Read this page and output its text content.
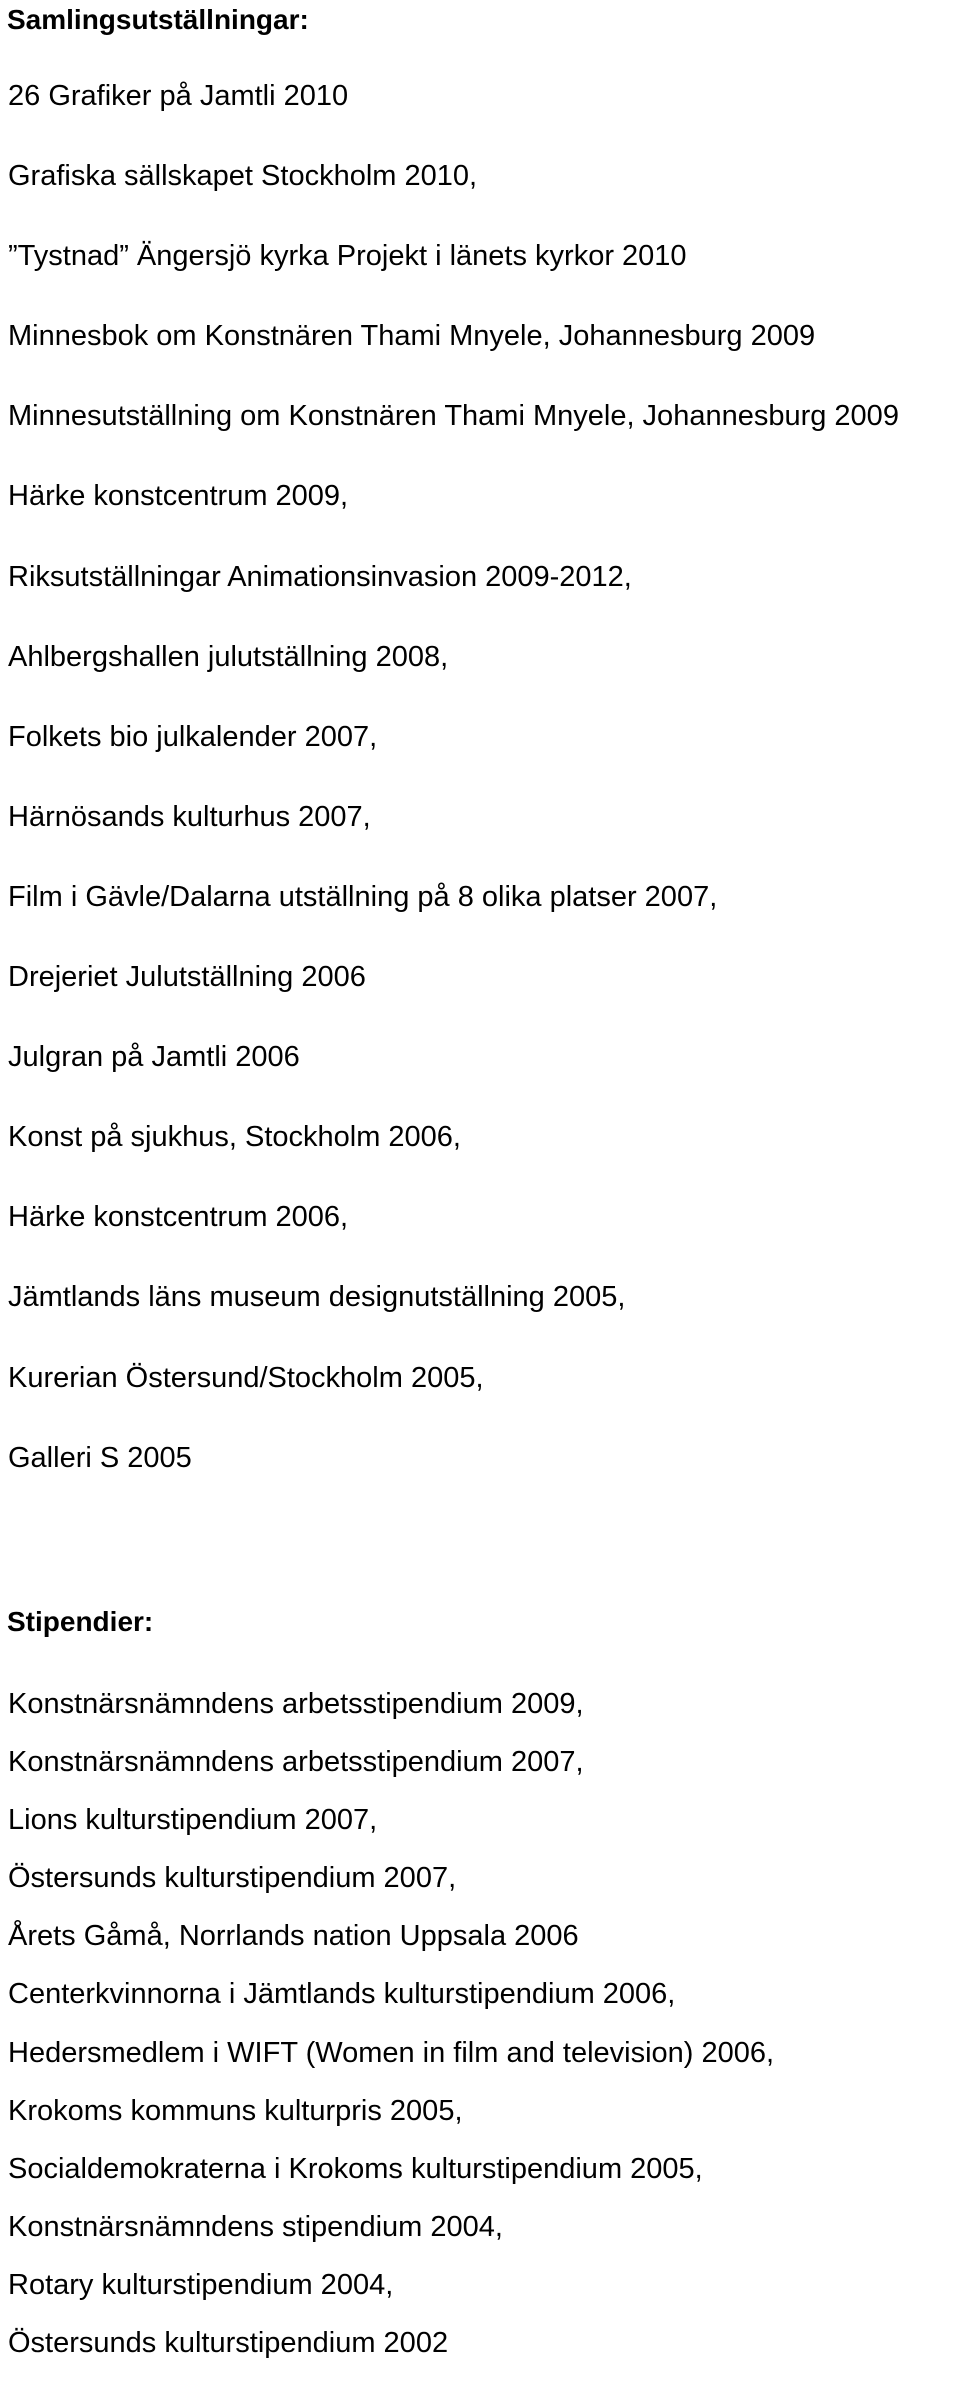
Samlingsutställningar:
26 Grafiker på Jamtli 2010
Grafiska sällskapet Stockholm 2010,
”Tystnad” Ängersjö kyrka Projekt i länets kyrkor 2010
Minnesbok om Konstnären Thami Mnyele, Johannesburg 2009
Minnesutställning om Konstnären Thami Mnyele, Johannesburg 2009
Härke konstcentrum 2009,
Riksutställningar Animationsinvasion 2009-2012,
Ahlbergshallen julutställning 2008,
Folkets bio julkalender 2007,
Härnösands kulturhus 2007,
Film i Gävle/Dalarna utställning på 8 olika platser 2007,
Drejeriet Julutställning 2006
Julgran på Jamtli 2006
Konst på sjukhus, Stockholm 2006,
Härke konstcentrum 2006,
Jämtlands läns museum designutställning 2005,
Kurerian Östersund/Stockholm 2005,
Galleri S 2005
Stipendier:
Konstnärsnämndens arbetsstipendium 2009,
Konstnärsnämndens arbetsstipendium 2007,
Lions kulturstipendium 2007,
Östersunds kulturstipendium 2007,
Årets Gåmå, Norrlands nation Uppsala 2006
Centerkvinnorna i Jämtlands kulturstipendium 2006,
Hedersmedlem i WIFT (Women in film and television) 2006,
Krokoms kommuns kulturpris 2005,
Socialdemokraterna i Krokoms kulturstipendium 2005,
Konstnärsnämndens stipendium 2004,
Rotary kulturstipendium 2004,
Östersunds kulturstipendium 2002
